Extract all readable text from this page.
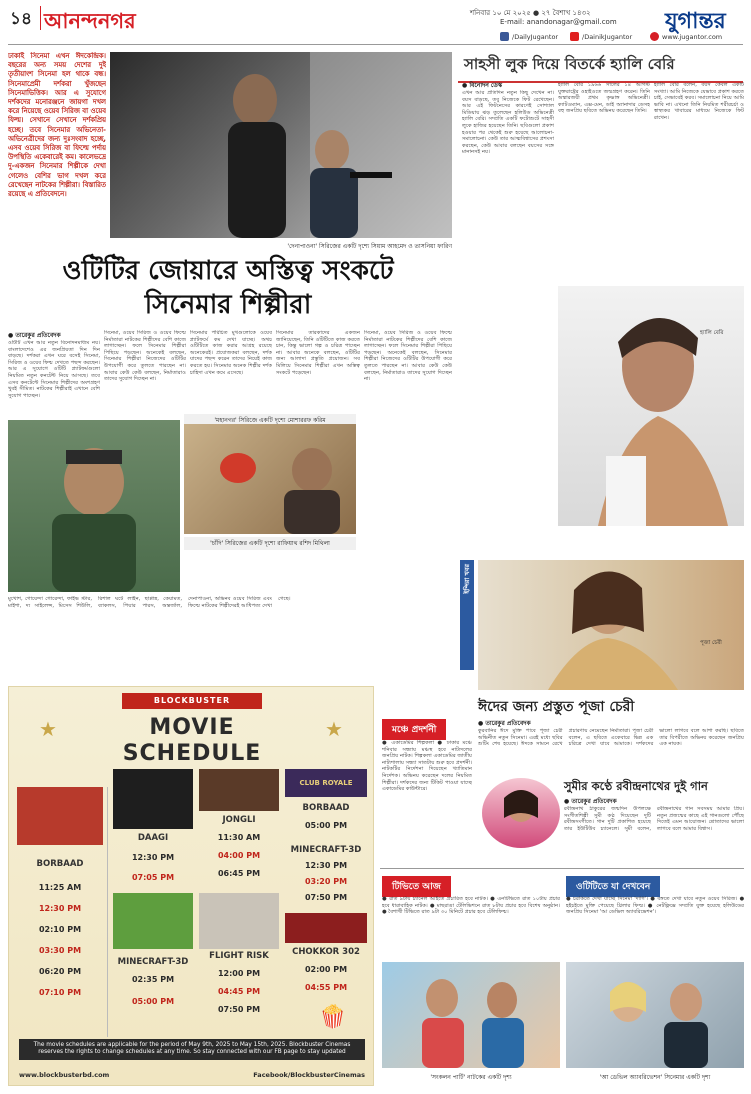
১৪ আনন্দনগর	শনিবার ১০ মে ২০২৫ ● ২৭ বৈশাখ ১৪৩২
E-mail: anandonagar@gmail.com যুগান্তর
/DailyJugantor	/DainikJugantor	www.jugantor.com
ঢাকাই সিনেমা এখন ঈদকেন্দ্রিক। বছরের অন্য সময় দেশের দুই তৃতীয়াংশ সিনেমা হল থাকে বন্ধ। সিনেমাপ্রেমী দর্শকরা খুঁজছেন সিনেমাভিত্তিক। আর এ সুযোগে দর্শকদের মনোরঞ্জনে জায়গা দখল করে নিয়েছে ওয়েব সিরিজ বা ওয়েব ফিল্ম। সেখানে সেখানে দর্শকপ্রিয় হচ্ছে। তবে সিনেমার অভিনেতা-অভিনেত্রীদের জন্য দুঃসংবাদ হচ্ছে, এসব ওয়েব সিরিজ বা ফিল্মে পর্দায় উপস্থিতি একেবারেই কম। কালেভদ্রে দু-একজন সিনেমার শিল্পীকে দেখা গেলেও বেশির ভাগ দখল করে রেখেছেন নাটকের শিল্পীরা। বিস্তারিত রয়েছে এ প্রতিবেদনে।
'দেনাপাওনা' সিরিজের একটি দৃশ্যে সিয়াম আহমেদ ও তাসনিয়া ফারিণ
ওটিটির জোয়ারে অস্তিত্ব সংকটে
সিনেমার শিল্পীরা
● তারেকুর প্রতিবেদক
ওটিটি এখন আর নতুন বিনোদনমাধ্যম নয়। বাংলাদেশেও এর জনপ্রিয়তা দিন দিন বাড়ছে। দর্শকরা এখন ঘরে বসেই সিনেমা, সিরিজ ও ওয়েব ফিল্ম দেখতে পছন্দ করছেন। আর এ সুযোগে ওটিটি প্ল্যাটফর্মগুলো নিয়মিত নতুন কনটেন্ট নিয়ে আসছে। তবে এসব কনটেন্টে সিনেমার শিল্পীদের অংশগ্রহণ খুবই সীমিত। নাটকের শিল্পীরাই এখানে বেশি সুযোগ পাচ্ছেন।
সিনেমা, ওয়েব সিরিজ ও ওয়েব ফিল্মে নির্মাতারা নাটকের শিল্পীদের বেশি কাজে লাগাচ্ছেন। ফলে সিনেমার শিল্পীরা পিছিয়ে পড়ছেন। অনেকেই বলছেন, সিনেমার শিল্পীরা নিজেদের ওটিটির উপযোগী করে তুলতে পারছেন না। আবার কেউ কেউ বলছেন, নির্মাতারাও তাদের সুযোগ দিচ্ছেন না।
সিনেমার পরিচিত মুখগুলোকে ওয়েব প্ল্যাটফর্মে কম দেখা যাচ্ছে। অথচ ওটিটিতে কাজ করার আগ্রহ রয়েছে অনেকেরই। প্রযোজকরা বলছেন, দর্শক যাদের পছন্দ করেন তাদের নিয়েই কাজ করতে হয়। সিনেমার অনেক শিল্পীর দর্শক চাহিদা এখন কমে এসেছে।
সিনেমার তারকাদের একজন জানিয়েছেন, তিনি ওটিটিতে কাজ করতে চান, কিন্তু ভালো গল্প ও চরিত্র পাচ্ছেন না। আবার অনেকে বলছেন, ওটিটির জন্য আলাদা প্রস্তুতি প্রয়োজন। সব মিলিয়ে সিনেমার শিল্পীরা এখন অস্তিত্ব সংকটে পড়েছেন।
সিনেমা, ওয়েব সিরিজ ও ওয়েব ফিল্মে নির্মাতারা নাটকের শিল্পীদের বেশি কাজে লাগাচ্ছেন। ফলে সিনেমার শিল্পীরা পিছিয়ে পড়ছেন। অনেকেই বলছেন, সিনেমার শিল্পীরা নিজেদের ওটিটির উপযোগী করে তুলতে পারছেন না। আবার কেউ কেউ বলছেন, নির্মাতারাও তাদের সুযোগ দিচ্ছেন না।
'মহানগর' সিরিজে একটি দৃশ্যে মোশাররফ করিম
'চাঁদি' সিরিজের একটি দৃশ্যে রাফিয়াথ রশিদ মিথিলা
মুখোশ, গোয়েন্দা গোরেন্দা, ফাইভ স্টার, মাইশা, দ্য সাইলেন্স, মিসেস শিউলি, রিশাল ঘটে লাইন, ছাপ্পান্ন, কেয়ামত, ব্যাকলস, পিয়ার পারস, অন্তর্জাল, দেনাপাওনা, অভিনব ওয়েব সিরিজ এবং ফিল্মে নাটকের শিল্পীদেরই আধিপত্য দেখা গেছে।
সাহসী লুক দিয়ে বিতর্কে হ্যালি বেরি
● বিনোদন ডেস্ক
এখন আর প্রতিদিন নতুন কিছু দেখেন না। বয়স বাড়ছে, তবু নিজেকে ফিট রেখেছেন। আর এই ফিটনেসের কারণেই সোশ্যাল মিডিয়ায় ঝড় তুলেছেন হলিউড অভিনেত্রী হ্যালি বেরি। সম্প্রতি একটি ফটোশুটে সাহসী লুকে হাজির হয়েছেন তিনি। ছবিগুলো প্রকাশ হওয়ার পর থেকেই শুরু হয়েছে আলোচনা-সমালোচনা। কেউ তার আত্মবিশ্বাসের প্রশংসা করছেন, কেউ আবার বলছেন বয়সের সঙ্গে মানানসই নয়।
হ্যালি বেরি ১৯৬৬ সালের ১৪ আগস্ট যুক্তরাষ্ট্রের ওহাইওতে জন্মগ্রহণ করেন। তিনি অস্কারজয়ী প্রথম কৃষ্ণাঙ্গ অভিনেত্রী। ক্যাটওম্যান, এক্স-মেন, ডাই অ্যানাদার ডেসহ বহু জনপ্রিয় ছবিতে অভিনয় করেছেন তিনি।
হ্যালি বেরি বলেন, বয়স কেবল একটি সংখ্যা। আমি নিজেকে যেভাবে প্রকাশ করতে চাই, সেভাবেই করব। সমালোচনা নিয়ে আমি ভাবি না। এখনো তিনি নিয়মিত শরীরচর্চা ও স্বাস্থ্যকর খাবারের মাধ্যমে নিজেকে ফিট রাখেন।
হ্যালি বেরি
ইন্দিরা খবর
পূজা চেরী
ঈদের জন্য প্রস্তুত পূজা চেরী
● তারেকুর প্রতিবেদক
কুরবানির ঈদে মুক্তি পাবে পূজা চেরী অভিনীত নতুন সিনেমা। এরই মধ্যে ছবির শুটিং শেষ হয়েছে। ঈদকে সামনে রেখে প্রচারণায় নেমেছেন নির্মাতারা। পূজা চেরী বলেন, এ ছবিতে একেবারে ভিন্ন এক চরিত্রে দেখা যাবে আমাকে। দর্শকদের ভালো লাগবে বলে আশা করছি। ছবিতে তার বিপরীতে অভিনয় করেছেন জনপ্রিয় এক নায়ক।
মঞ্চে প্রদর্শনী
● একাডেমির শিল্পকলা ● ঢাকার মঞ্চে শনিবার সন্ধ্যায় মঞ্চস্থ হবে নাট্যদলের জনপ্রিয় নাটক। শিল্পকলা একাডেমির জাতীয় নাট্যশালায় সন্ধ্যা সাতটায় শুরু হবে প্রদর্শনী। নাটকটির নির্দেশনা দিয়েছেন খ্যাতিমান নির্দেশক। অভিনয় করেছেন দলের নিয়মিত শিল্পীরা। দর্শকদের জন্য টিকিট পাওয়া যাচ্ছে একাডেমির কাউন্টারে।	সুমীর কণ্ঠে রবীন্দ্রনাথের দুই গান
● তারেকুর প্রতিবেদক
রবীন্দ্রনাথ ঠাকুরের জন্মদিন উপলক্ষে সংগীতশিল্পী সুমী কণ্ঠ দিয়েছেন দুটি রবীন্দ্রসংগীতে। গান দুটি প্রকাশিত হয়েছে তার ইউটিউব চ্যানেলে। সুমী বলেন, রবীন্দ্রনাথের গান সবসময় আমার প্রিয়। নতুন প্রজন্মের কাছে এই গানগুলো পৌঁছে দিতেই এমন আয়োজন। শ্রোতাদের ভালো লাগবে বলে আমার বিশ্বাস।
টিভিতে আজ
● রাত ৯টায় চ্যানেল আইতে প্রচারিত হবে নাটক। ● এনটিভিতে রাত ১০টায় প্রচার হবে ধারাবাহিক নাটক। ● মাছরাঙা টেলিভিশনে রাত ৮টায় প্রচার হবে বিশেষ অনুষ্ঠান। ● বৈশাখী টিভিতে রাত ৯টা ৩০ মিনিটে প্রচার হবে টেলিফিল্ম।
'সংকলন পার্টি' নাটকের একটি দৃশ্য
ওটিটিতে যা দেখবেন
● চরকিতে দেখা যাচ্ছে সিনেমা 'দাগি'। ● বঙ্গতে দেখা যাবে নতুন ওয়েব সিরিজ। ● হইচইতে মুক্তি পেয়েছে থ্রিলার ফিল্ম। ● নেটফ্লিক্সে সম্প্রতি যুক্ত হয়েছে হলিউডের জনপ্রিয় সিনেমা 'আ ডেভিল অ্যাবরিভেশন'।
'আ ডেভিল অ্যাবরিভেশন' সিনেমার একটি দৃশ্য
BLOCKBUSTER
★	★
MOVIE
SCHEDULE
BORBAAD
11:25 AM
12:30 PM
02:10 PM
03:30 PM
06:20 PM
07:10 PM
DAAGI
12:30 PM
07:05 PM
JONGLI
11:30 AM
04:00 PM
06:45 PM
CLUB ROYALE
BORBAAD
05:00 PM
MINECRAFT-3D
12:30 PM
03:20 PM
07:50 PM
MINECRAFT-3D
02:35 PM
05:00 PM
FLIGHT RISK
12:00 PM
04:45 PM
07:50 PM
CHOKKOR 302
02:00 PM
04:55 PM
🍿
The movie schedules are applicable for the period of May 9th, 2025 to May 15th, 2025. Blockbuster Cinemas reserves the rights to change schedules at any time. So stay connected with our FB page to stay updated
www.blockbusterbd.com	Facebook/BlockbusterCinemas
